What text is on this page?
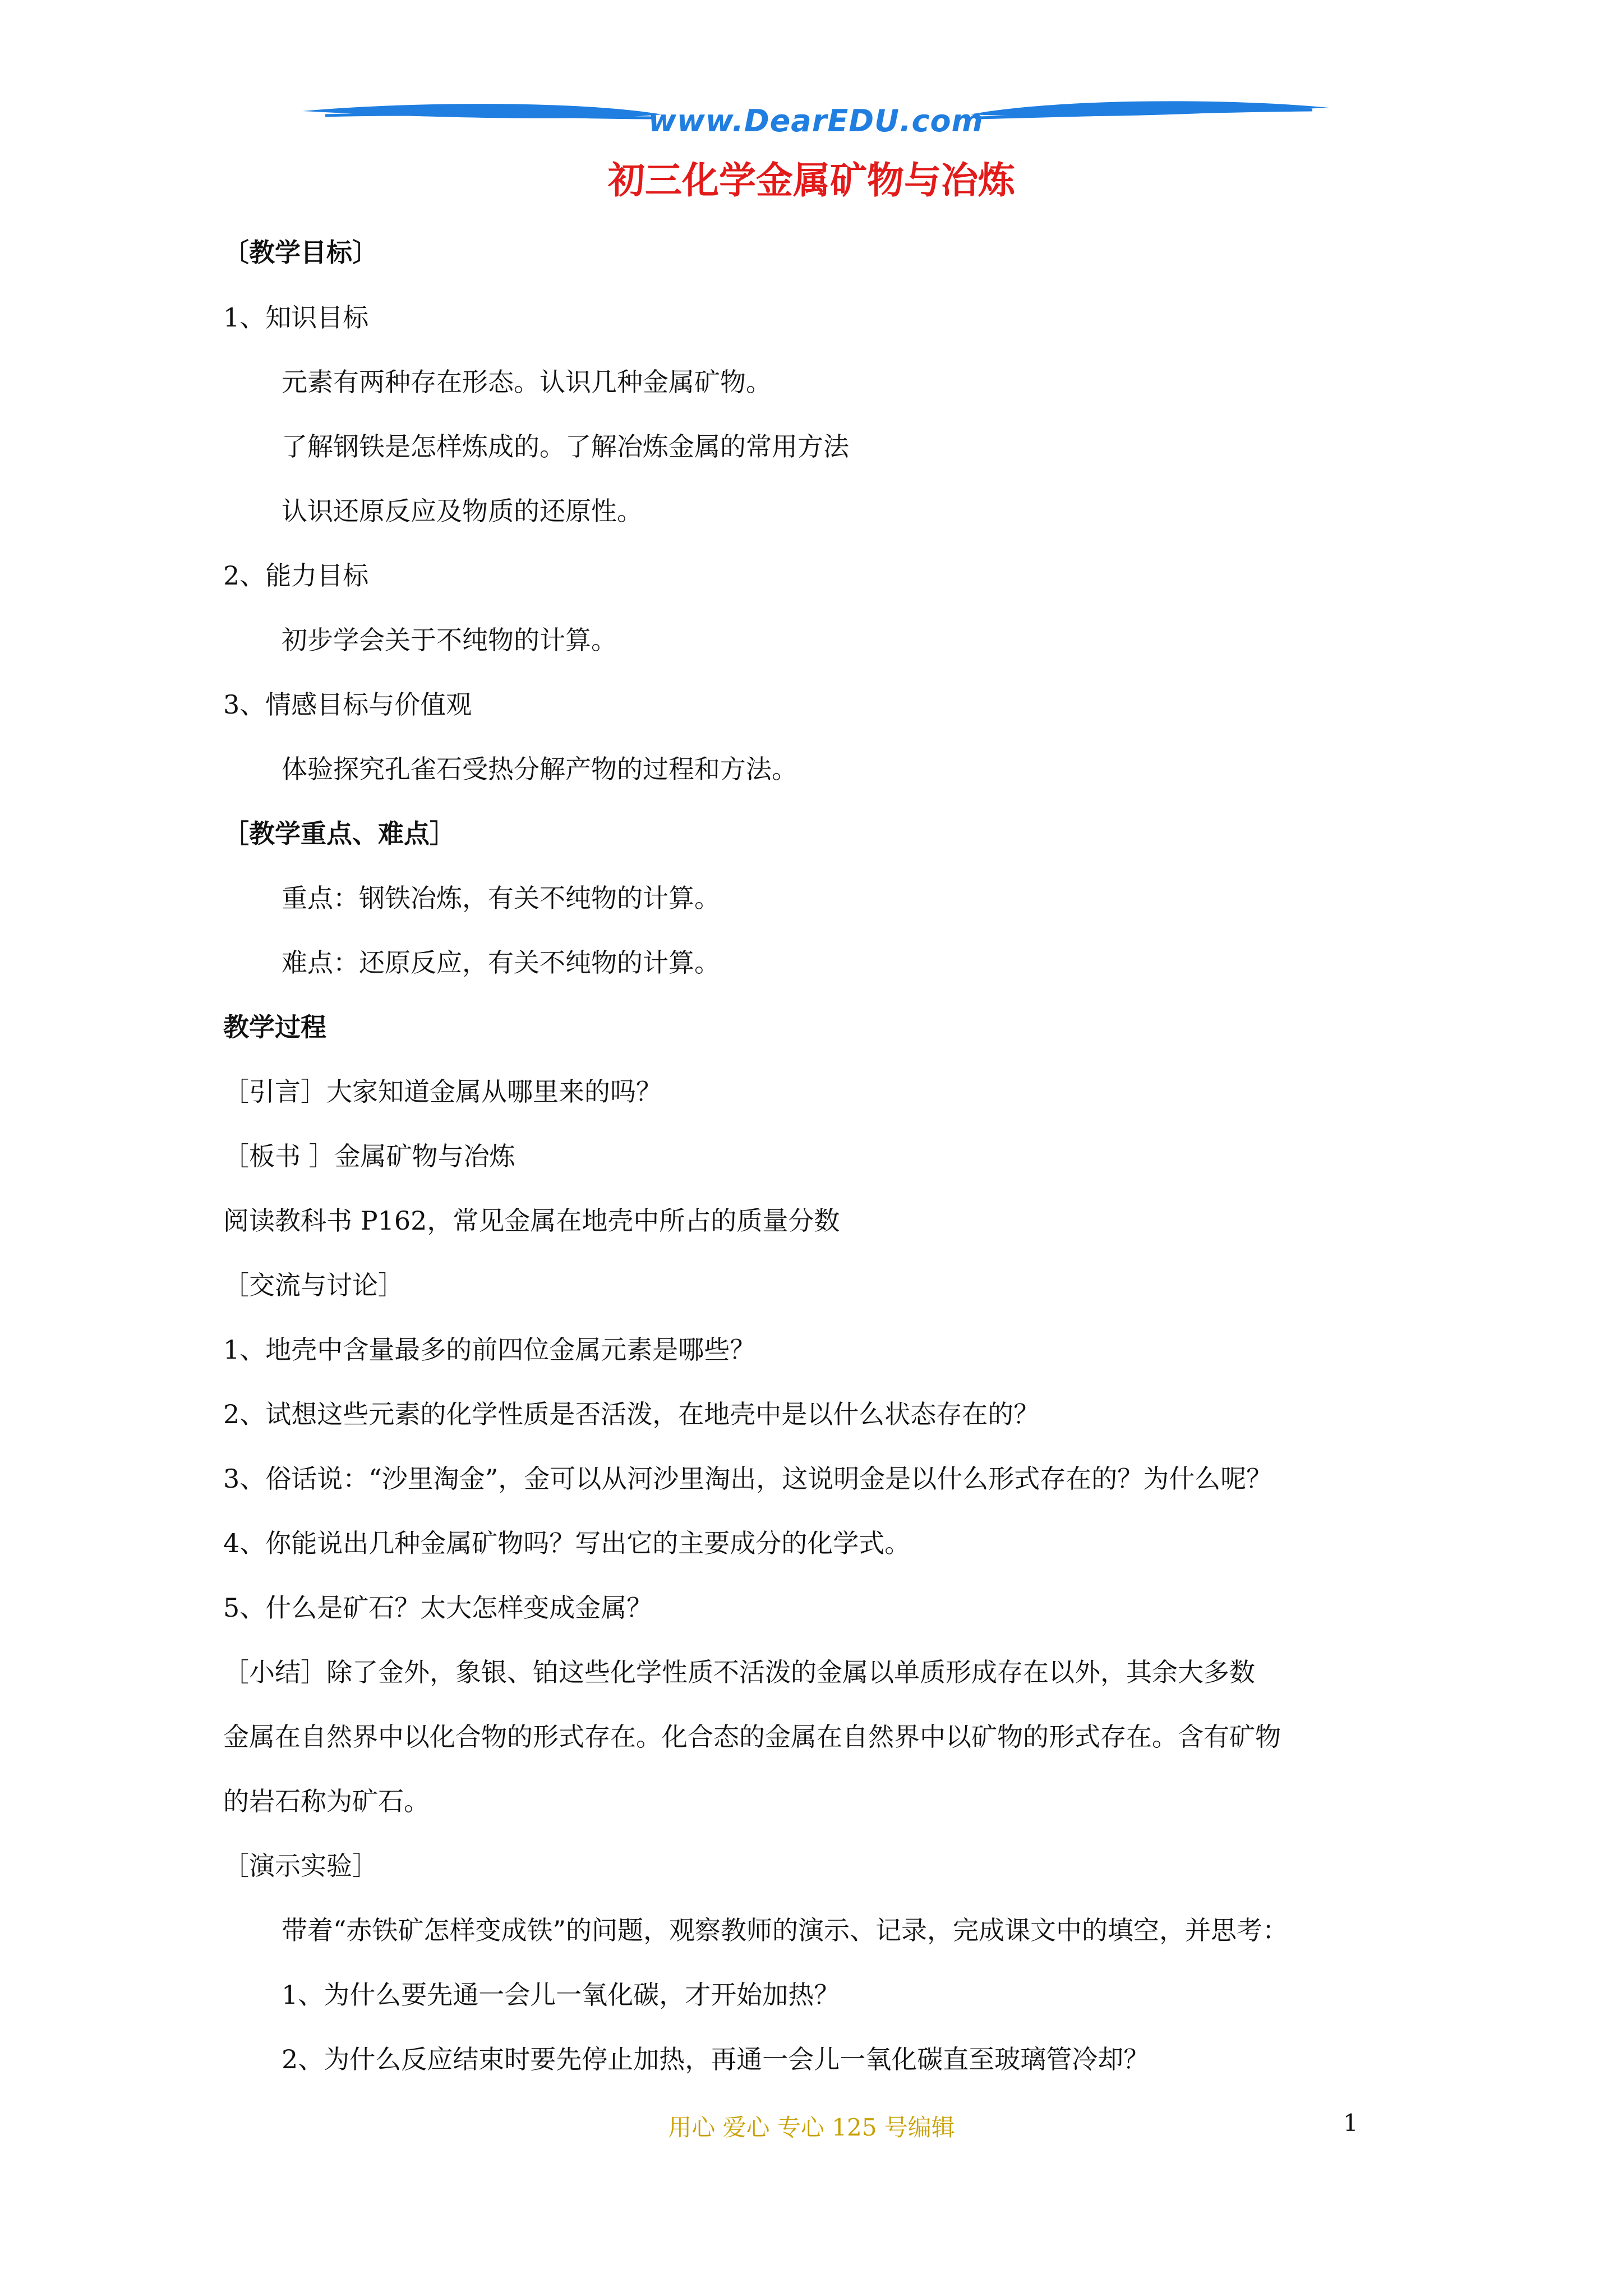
www.DearEDU.com
初三化学金属矿物与冶炼
〔教学目标〕
1、知识目标
元素有两种存在形态。认识几种金属矿物。
了解钢铁是怎样炼成的。了解冶炼金属的常用方法
认识还原反应及物质的还原性。
2、能力目标
初步学会关于不纯物的计算。
3、情感目标与价值观
体验探究孔雀石受热分解产物的过程和方法。
［教学重点、难点］
重点：钢铁冶炼，有关不纯物的计算。
难点：还原反应，有关不纯物的计算。
教学过程
［引言］大家知道金属从哪里来的吗？
［板书 ］金属矿物与冶炼
阅读教科书 P162，常见金属在地壳中所占的质量分数
［交流与讨论］
1、地壳中含量最多的前四位金属元素是哪些？
2、试想这些元素的化学性质是否活泼，在地壳中是以什么状态存在的？
3、俗话说：“沙里淘金”，金可以从河沙里淘出，这说明金是以什么形式存在的？为什么呢？
4、你能说出几种金属矿物吗？写出它的主要成分的化学式。
5、什么是矿石？太大怎样变成金属？
［小结］除了金外，象银、铂这些化学性质不活泼的金属以单质形成存在以外，其余大多数
金属在自然界中以化合物的形式存在。化合态的金属在自然界中以矿物的形式存在。含有矿物
的岩石称为矿石。
［演示实验］
带着“赤铁矿怎样变成铁”的问题，观察教师的演示、记录，完成课文中的填空，并思考：
1、为什么要先通一会儿一氧化碳，才开始加热？
2、为什么反应结束时要先停止加热，再通一会儿一氧化碳直至玻璃管冷却？
用心 爱心 专心 125 号编辑	1
